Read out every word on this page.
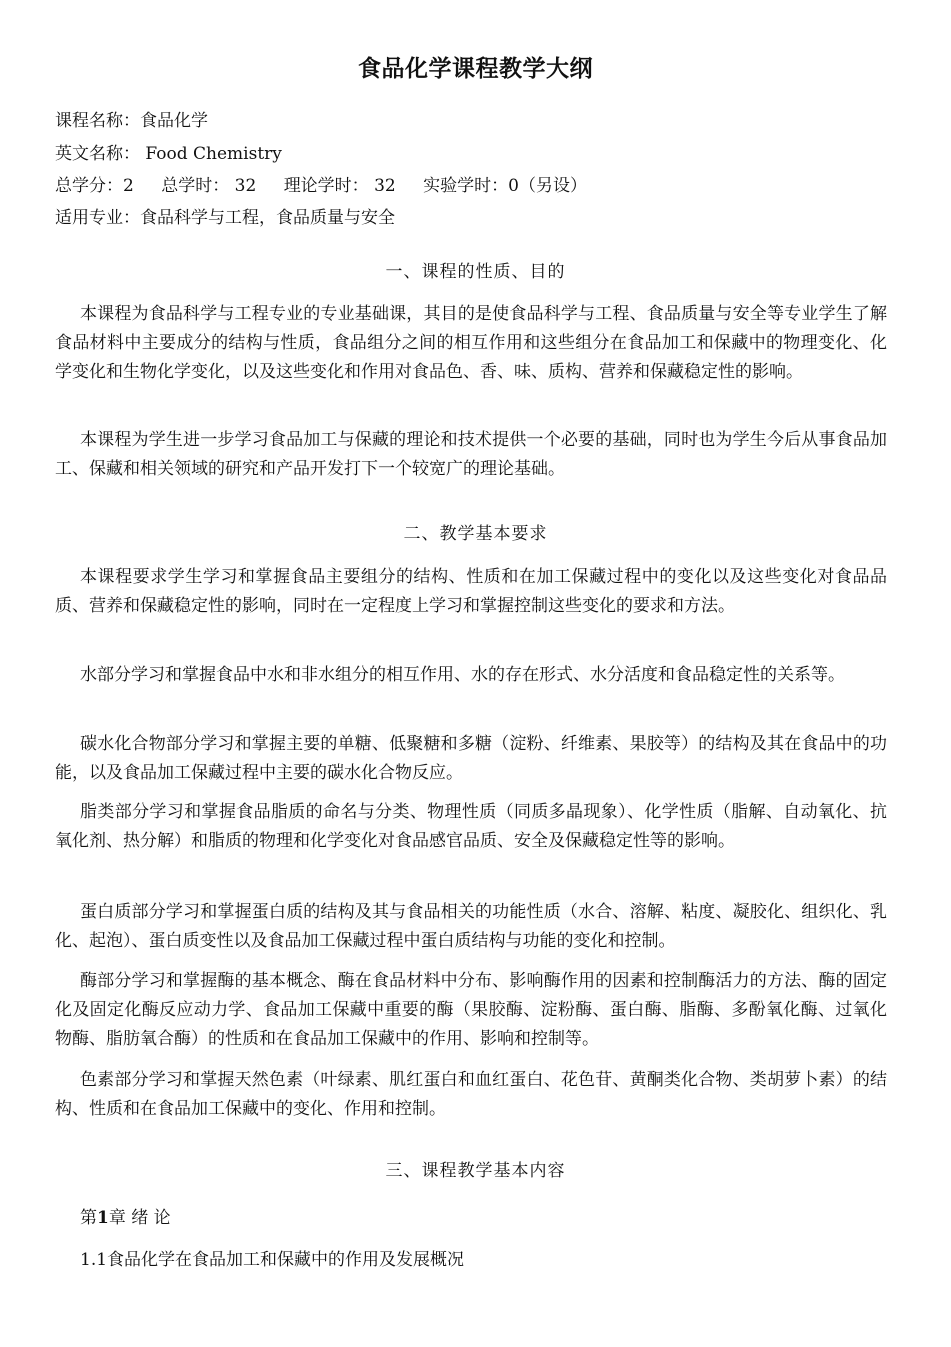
食品化学课程教学大纲
课程名称：食品化学
英文名称： Food Chemistry
总学分：2 总学时： 32 理论学时： 32 实验学时：0（另设）
适用专业：食品科学与工程，食品质量与安全
一、课程的性质、目的
本课程为食品科学与工程专业的专业基础课，其目的是使食品科学与工程、食品质量与安全等专业学生了解食品材料中主要成分的结构与性质，食品组分之间的相互作用和这些组分在食品加工和保藏中的物理变化、化学变化和生物化学变化，以及这些变化和作用对食品色、香、味、质构、营养和保藏稳定性的影响。
本课程为学生进一步学习食品加工与保藏的理论和技术提供一个必要的基础，同时也为学生今后从事食品加工、保藏和相关领域的研究和产品开发打下一个较宽广的理论基础。
二、教学基本要求
本课程要求学生学习和掌握食品主要组分的结构、性质和在加工保藏过程中的变化以及这些变化对食品品质、营养和保藏稳定性的影响，同时在一定程度上学习和掌握控制这些变化的要求和方法。
水部分学习和掌握食品中水和非水组分的相互作用、水的存在形式、水分活度和食品稳定性的关系等。
碳水化合物部分学习和掌握主要的单糖、低聚糖和多糖（淀粉、纤维素、果胶等）的结构及其在食品中的功能，以及食品加工保藏过程中主要的碳水化合物反应。
脂类部分学习和掌握食品脂质的命名与分类、物理性质（同质多晶现象）、化学性质（脂解、自动氧化、抗氧化剂、热分解）和脂质的物理和化学变化对食品感官品质、安全及保藏稳定性等的影响。
蛋白质部分学习和掌握蛋白质的结构及其与食品相关的功能性质（水合、溶解、粘度、凝胶化、组织化、乳化、起泡）、蛋白质变性以及食品加工保藏过程中蛋白质结构与功能的变化和控制。
酶部分学习和掌握酶的基本概念、酶在食品材料中分布、影响酶作用的因素和控制酶活力的方法、酶的固定化及固定化酶反应动力学、食品加工保藏中重要的酶（果胶酶、淀粉酶、蛋白酶、脂酶、多酚氧化酶、过氧化物酶、脂肪氧合酶）的性质和在食品加工保藏中的作用、影响和控制等。
色素部分学习和掌握天然色素（叶绿素、肌红蛋白和血红蛋白、花色苷、黄酮类化合物、类胡萝卜素）的结构、性质和在食品加工保藏中的变化、作用和控制。
三、课程教学基本内容
第1章 绪 论
1.1食品化学在食品加工和保藏中的作用及发展概况
